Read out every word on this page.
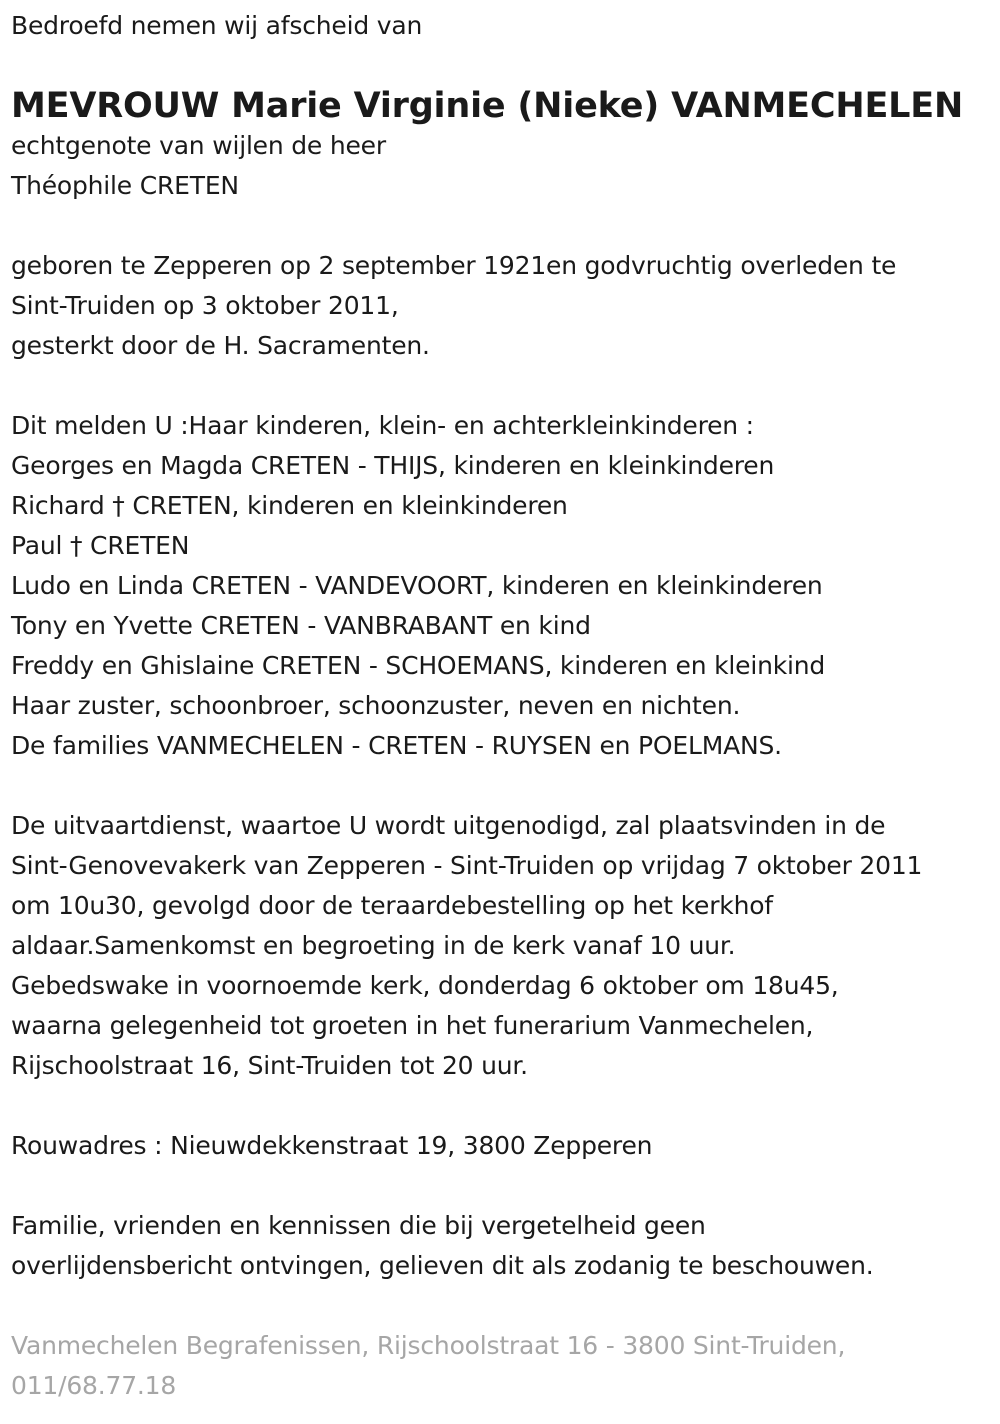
Bedroefd nemen wij afscheid van
MEVROUW Marie Virginie (Nieke) VANMECHELEN
echtgenote van wijlen de heer
Théophile CRETEN
geboren te Zepperen op 2 september 1921en godvruchtig overleden te
Sint-Truiden op 3 oktober 2011,
gesterkt door de H. Sacramenten.
Dit melden U :Haar kinderen, klein- en achterkleinkinderen :
Georges en Magda CRETEN - THIJS, kinderen en kleinkinderen
Richard † CRETEN, kinderen en kleinkinderen
Paul † CRETEN
Ludo en Linda CRETEN - VANDEVOORT, kinderen en kleinkinderen
Tony en Yvette CRETEN - VANBRABANT en kind
Freddy en Ghislaine CRETEN - SCHOEMANS, kinderen en kleinkind
Haar zuster, schoonbroer, schoonzuster, neven en nichten.
De families VANMECHELEN - CRETEN - RUYSEN en POELMANS.
De uitvaartdienst, waartoe U wordt uitgenodigd, zal plaatsvinden in de
Sint-Genovevakerk van Zepperen - Sint-Truiden op vrijdag 7 oktober 2011
om 10u30, gevolgd door de teraardebestelling op het kerkhof
aldaar.Samenkomst en begroeting in de kerk vanaf 10 uur.
Gebedswake in voornoemde kerk, donderdag 6 oktober om 18u45,
waarna gelegenheid tot groeten in het funerarium Vanmechelen,
Rijschoolstraat 16, Sint-Truiden tot 20 uur.
Rouwadres : Nieuwdekkenstraat 19, 3800 Zepperen
Familie, vrienden en kennissen die bij vergetelheid geen
overlijdensbericht ontvingen, gelieven dit als zodanig te beschouwen.
Vanmechelen Begrafenissen, Rijschoolstraat 16 - 3800 Sint-Truiden,
011/68.77.18
